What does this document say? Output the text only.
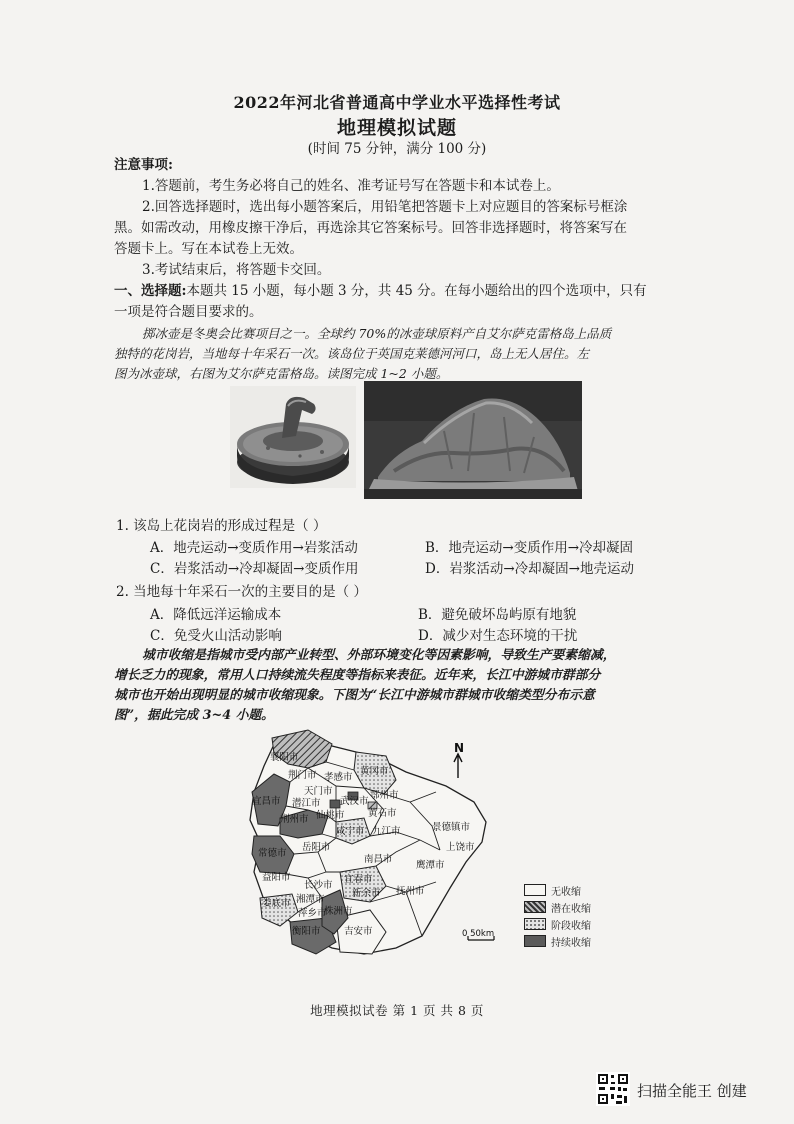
2022年河北省普通高中学业水平选择性考试
地理模拟试题
(时间 75 分钟，满分 100 分)
注意事项:
1.答题前，考生务必将自己的姓名、准考证号写在答题卡和本试卷上。
2.回答选择题时，选出每小题答案后，用铅笔把答题卡上对应题目的答案标号框涂
黑。如需改动，用橡皮擦干净后，再选涂其它答案标号。回答非选择题时，将答案写在
答题卡上。写在本试卷上无效。
3.考试结束后，将答题卡交回。
一、选择题:本题共 15 小题，每小题 3 分，共 45 分。在每小题给出的四个选项中，只有
一项是符合题目要求的。
掷冰壶是冬奥会比赛项目之一。全球约 70%的冰壶球原料产自艾尔萨克雷格岛上品质
独特的花岗岩，当地每十年采石一次。该岛位于英国克莱德河河口，岛上无人居住。左
图为冰壶球，右图为艾尔萨克雷格岛。读图完成 1~2 小题。
1. 该岛上花岗岩的形成过程是（ ）
A．地壳运动→变质作用→岩浆活动	B．地壳运动→变质作用→冷却凝固
C．岩浆活动→冷却凝固→变质作用	D．岩浆活动→冷却凝固→地壳运动
2. 当地每十年采石一次的主要目的是（ ）
A．降低远洋运输成本	B．避免破坏岛屿原有地貌
C．免受火山活动影响	D．减少对生态环境的干扰
城市收缩是指城市受内部产业转型、外部环境变化等因素影响，导致生产要素缩减，
增长乏力的现象，常用人口持续流失程度等指标来表征。近年来，长江中游城市群部分
城市也开始出现明显的城市收缩现象。下图为“长江中游城市群城市收缩类型分布示意
图”，据此完成 3~4 小题。
N
襄阳市
荆门市 孝感市
黄冈市
宜昌市
天门市
潜江市 武汉市
鄂州市
黄石市
荆州市 仙桃市
咸宁市 九江市	景德镇市
上饶市
岳阳市
常德市
益阳市
南昌市
鹰潭市
长沙市
宜春市
新余市 抚州市
娄底市 湘潭市
株洲市
萍乡市
衡阳市 吉安市	0 50km
无收缩
潜在收缩
阶段收缩
持续收缩
地理模拟试卷 第 1 页 共 8 页
扫描全能王 创建
